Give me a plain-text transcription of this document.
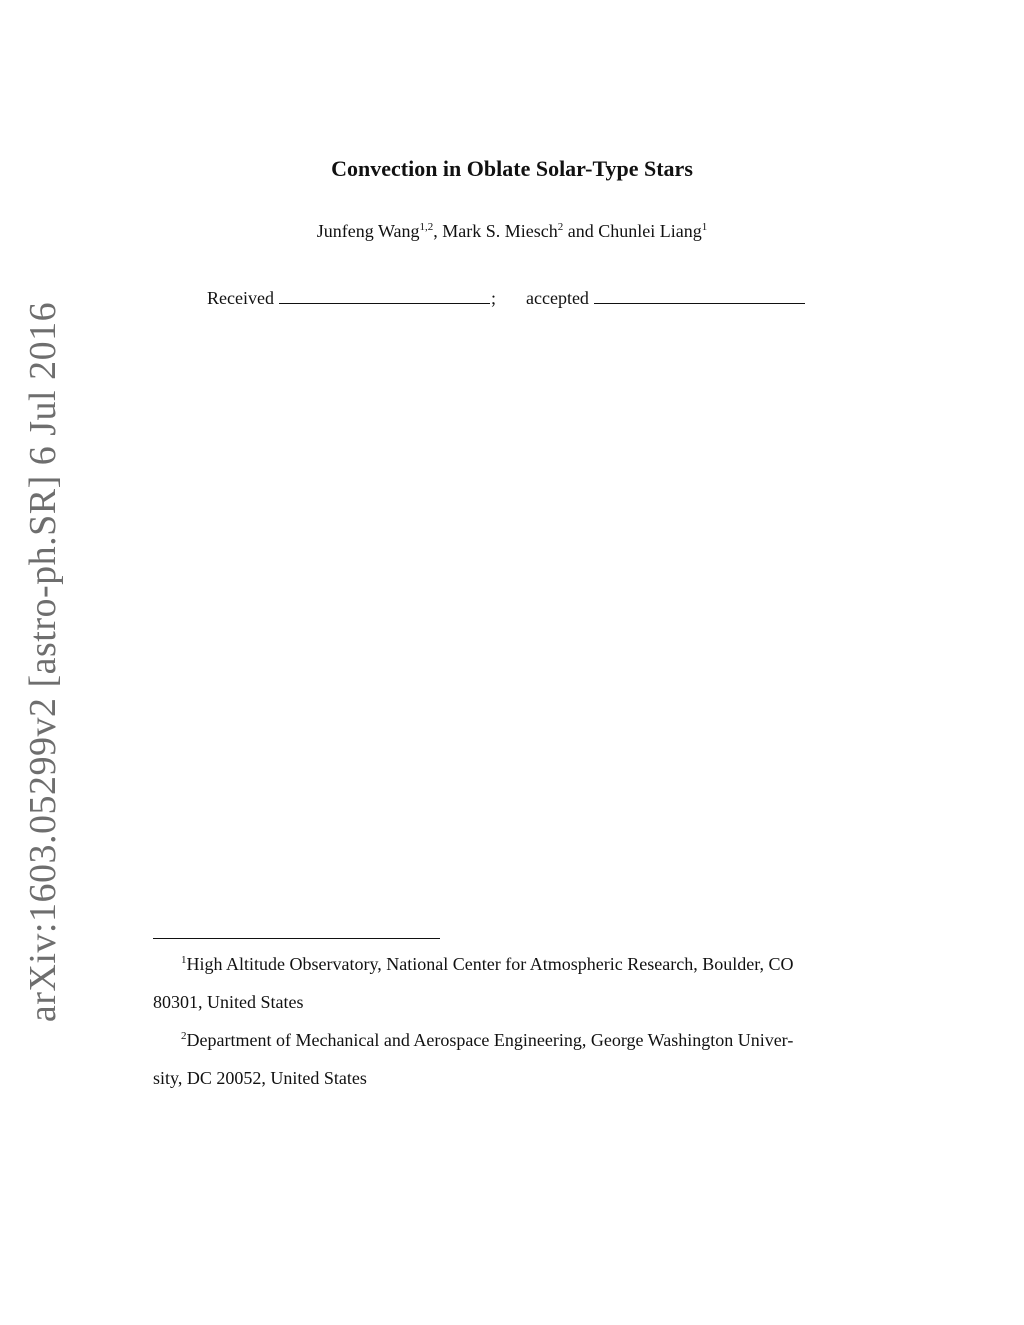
arXiv:1603.05299v2 [astro-ph.SR] 6 Jul 2016
Convection in Oblate Solar-Type Stars
Junfeng Wang$^{1,2}$, Mark S. Miesch$^2$ and Chunlei Liang$^1$
Received	; accepted
$^1$High Altitude Observatory, National Center for Atmospheric Research, Boulder, CO
80301, United States
$^2$Department of Mechanical and Aerospace Engineering, George Washington Univer-
sity, DC 20052, United States
